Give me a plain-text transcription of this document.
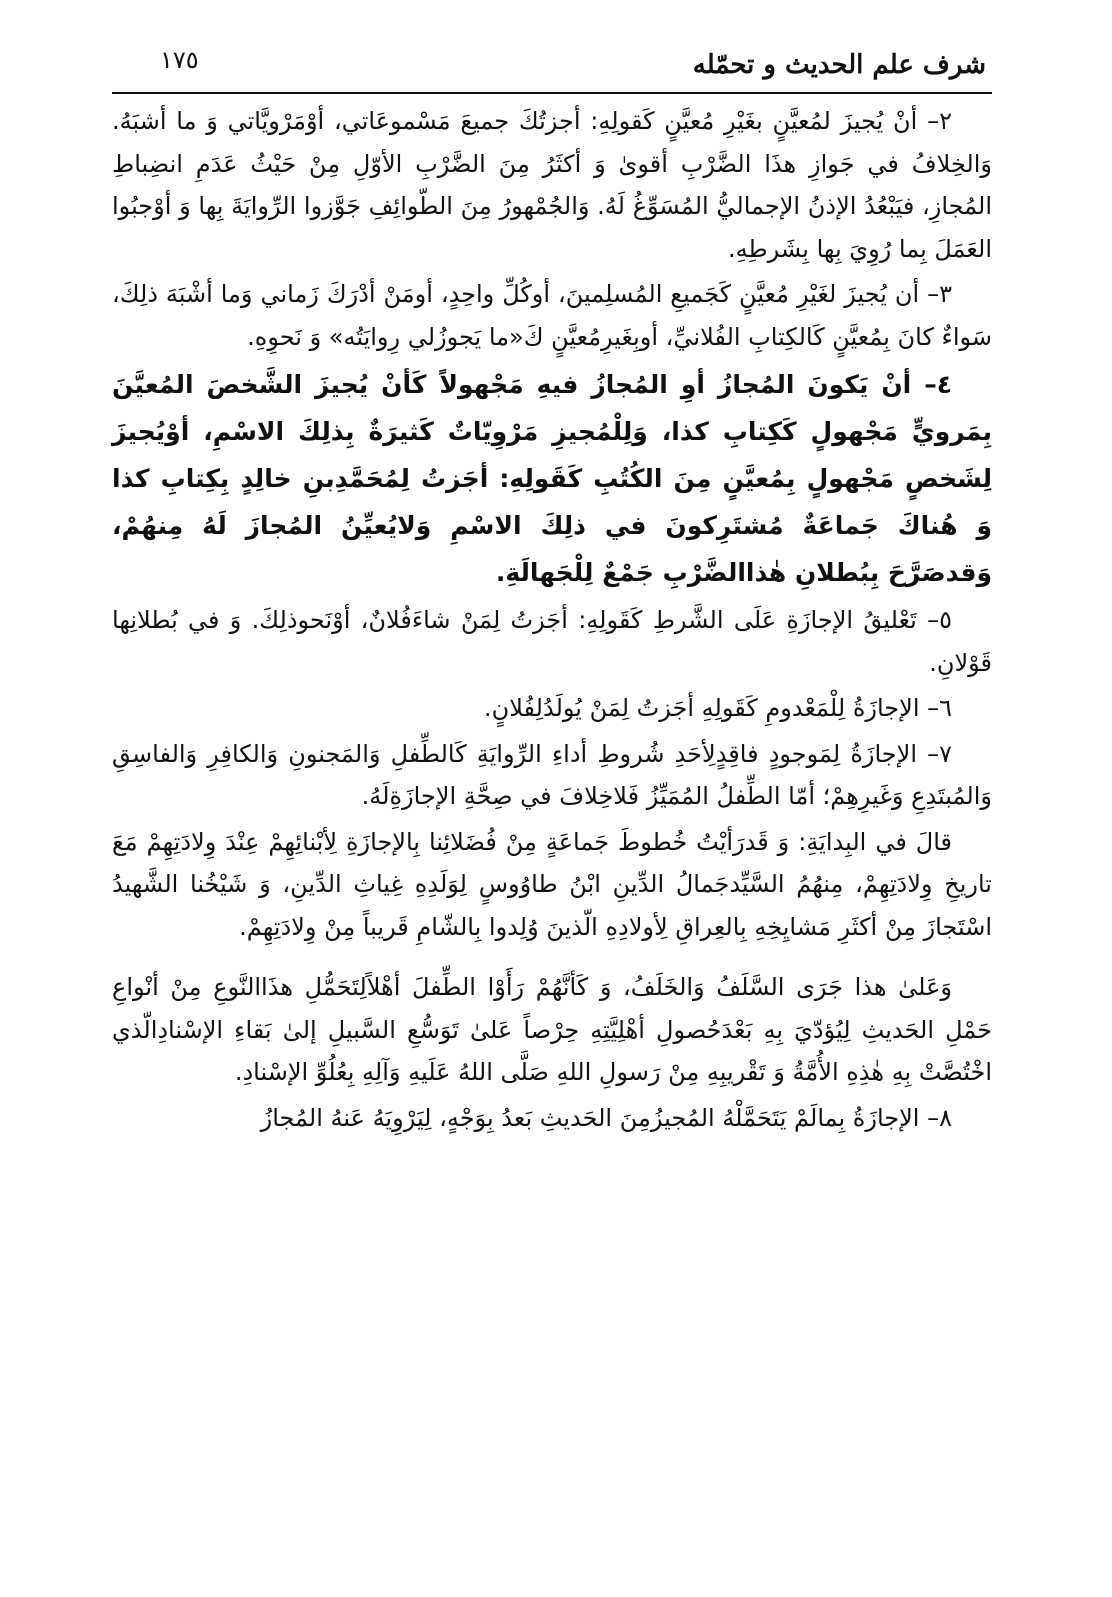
شرف علم الحديث و تحمّله
١٧٥

٢– أنْ يُجيزَ لمُعيَّنٍ بغَيْرِ مُعيَّنٍ كَقولِهِ: أجزتُكَ جميعَ مَسْموعَاتي، أوْمَرْويَّاتي وَ ما أشبَهُ. وَالخِلافُ في جَوازِ هذَا الضَّرْبِ أقوىٰ وَ أكثَرُ مِنَ الضَّرْبِ الأوّلِ مِنْ حَيْثُ عَدَمِ انضِباطِ المُجازِ، فيَبْعُدُ الإذنُ الإجماليُّ المُسَوِّغُ لَهُ. وَالجُمْهورُ مِنَ الطّوائِفِ جَوَّزوا الرِّوايَةَ بِها وَ أوْجبُوا العَمَلَ بِما رُوِيَ بِها بِشَرطِهِ.

٣– أن يُجيزَ لغَيْرِ مُعيَّنٍ كَجَميعِ المُسلِمينَ، أوكُلِّ واحِدٍ، أومَنْ أدْرَكَ زَماني وَما أشْبَهَ ذلِكَ، سَواءٌ كانَ بِمُعيَّنٍ كَالكِتابِ الفُلانيِّ، أوبِغَيرِمُعيَّنٍ كَ«ما يَجوزُلي رِوايَتُه» وَ نَحوِهِ.

٤– أنْ يَكونَ المُجازُ أوِ المُجازُ فيهِ مَجْهولاً كَأنْ يُجيزَ الشَّخصَ المُعيَّنَ بِمَرويٍّ مَجْهولٍ كَكِتابِ كذا، وَلِلْمُجيزِ مَرْوِيّاتٌ كَثيرَةٌ بِذلِكَ الاسْمِ، أوْيُجيزَ لِشَخصٍ مَجْهولٍ بِمُعيَّنٍ مِنَ الكُتُبِ كَقَولِهِ: أجَزتُ لِمُحَمَّدِبنِ خالِدٍ بِكِتابِ كذا وَ هُناكَ جَماعَةٌ مُشتَرِكونَ في ذلِكَ الاسْمِ وَلايُعيِّنُ المُجازَ لَهُ مِنهُمْ، وَقدصَرَّحَ بِبُطلانِ هٰذاالضَّرْبِ جَمْعٌ لِلْجَهالَةِ.

٥– تَعْليقُ الإجازَةِ عَلَى الشَّرطِ كَقَولِهِ: أجَزتُ لِمَنْ شاءَفُلانٌ، أوْنَحوذلِكَ. وَ في بُطلانِها قَوْلانِ.

٦– الإجازَةُ لِلْمَعْدومِ كَقَولِهِ أجَزتُ لِمَنْ يُولَدُلِفُلانٍ.

٧– الإجازَةُ لِمَوجودٍ فاقِدٍلِأحَدِ شُروطِ أداءِ الرِّوايَةِ كَالطِّفلِ وَالمَجنونِ وَالكافِرِ وَالفاسِقِ وَالمُبتَدِعِ وَغَيرِهِمْ؛ أمّا الطِّفلُ المُمَيِّزُ فَلاخِلافَ في صِحَّةِ الإجازَةِلَهُ.

قالَ في البِدايَةِ: وَ قَدرَأيْتُ خُطوطَ جَماعَةٍ مِنْ فُضَلائِنا بِالإجازَةِ لِأبْنائِهِمْ عِنْدَ وِلادَتِهِمْ مَعَ تاريخِ وِلادَتِهِمْ، مِنهُمُ السَّيِّدجَمالُ الدِّينِ ابْنُ طاوُوسٍ لِوَلَدِهِ غِياثِ الدِّينِ، وَ شَيْخُنا الشَّهيدُ اسْتَجازَ مِنْ أكثَرِ مَشايِخِهِ بِالعِراقِ لِأولادِهِ الّذينَ وُلِدوا بِالشّامِ قَريباً مِنْ وِلادَتِهِمْ.

وَعَلىٰ هذا جَرَى السَّلَفُ وَالخَلَفُ، وَ كَأنَّهُمْ رَأَوْا الطِّفلَ أهْلاًلِتَحَمُّلِ هذَاالنَّوعِ مِنْ أنْواعِ حَمْلِ الحَديثِ لِيُؤدّيَ بِهِ بَعْدَحُصولِ أهْلِيَّتِهِ حِرْصاً عَلىٰ تَوَسُّعِ السَّبيلِ إلىٰ بَقاءِ الإسْنادِالّذي اخْتُصَّتْ بِهِ هٰذِهِ الأُمَّةُ وَ تَقْريبِهِ مِنْ رَسولِ اللهِ صَلَّى اللهُ عَلَيهِ وَآلِهِ بِعُلُوِّ الإسْنادِ.

٨– الإجازَةُ بِمالَمْ يَتَحَمَّلْهُ المُجيزُمِنَ الحَديثِ بَعدُ بِوَجْهٍ، لِيَرْوِيَهُ عَنهُ المُجازُ
